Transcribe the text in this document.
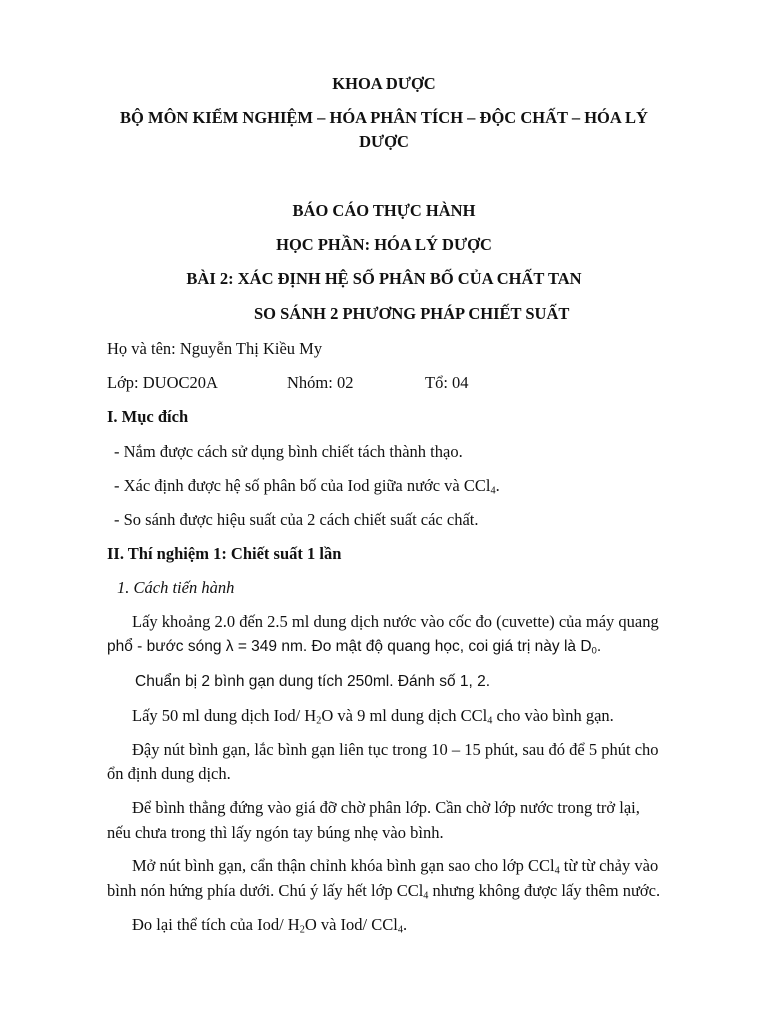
KHOA DƯỢC
BỘ MÔN KIỂM NGHIỆM – HÓA PHÂN TÍCH – ĐỘC CHẤT – HÓA LÝ
DƯỢC
BÁO CÁO THỰC HÀNH
HỌC PHẦN: HÓA LÝ DƯỢC
BÀI 2: XÁC ĐỊNH HỆ SỐ PHÂN BỐ CỦA CHẤT TAN
SO SÁNH 2 PHƯƠNG PHÁP CHIẾT SUẤT
Họ và tên: Nguyễn Thị Kiều My
Lớp: DUOC20A	Nhóm: 02	Tổ: 04
I. Mục đích
- Nắm được cách sử dụng bình chiết tách thành thạo.
- Xác định được hệ số phân bố của Iod giữa nước và CCl$_4$.
- So sánh được hiệu suất của 2 cách chiết suất các chất.
II. Thí nghiệm 1: Chiết suất 1 lần
1. Cách tiến hành
Lấy khoảng 2.0 đến 2.5 ml dung dịch nước vào cốc đo (cuvette) của máy quang
phổ - bước sóng λ = 349 nm. Đo mật độ quang học, coi giá trị này là $D_0$.
Chuẩn bị 2 bình gạn dung tích 250ml. Đánh số 1, 2.
Lấy 50 ml dung dịch Iod/ $H_2O$ và 9 ml dung dịch CCl$_4$ cho vào bình gạn.
Đậy nút bình gạn, lắc bình gạn liên tục trong 10 – 15 phút, sau đó để 5 phút cho
ổn định dung dịch.
Để bình thẳng đứng vào giá đỡ chờ phân lớp. Cần chờ lớp nước trong trở lại,
nếu chưa trong thì lấy ngón tay búng nhẹ vào bình.
Mở nút bình gạn, cẩn thận chỉnh khóa bình gạn sao cho lớp CCl$_4$ từ từ chảy vào
bình nón hứng phía dưới. Chú ý lấy hết lớp CCl$_4$ nhưng không được lấy thêm nước.
Đo lại thể tích của Iod/ $H_2O$ và Iod/ CCl$_4$.
